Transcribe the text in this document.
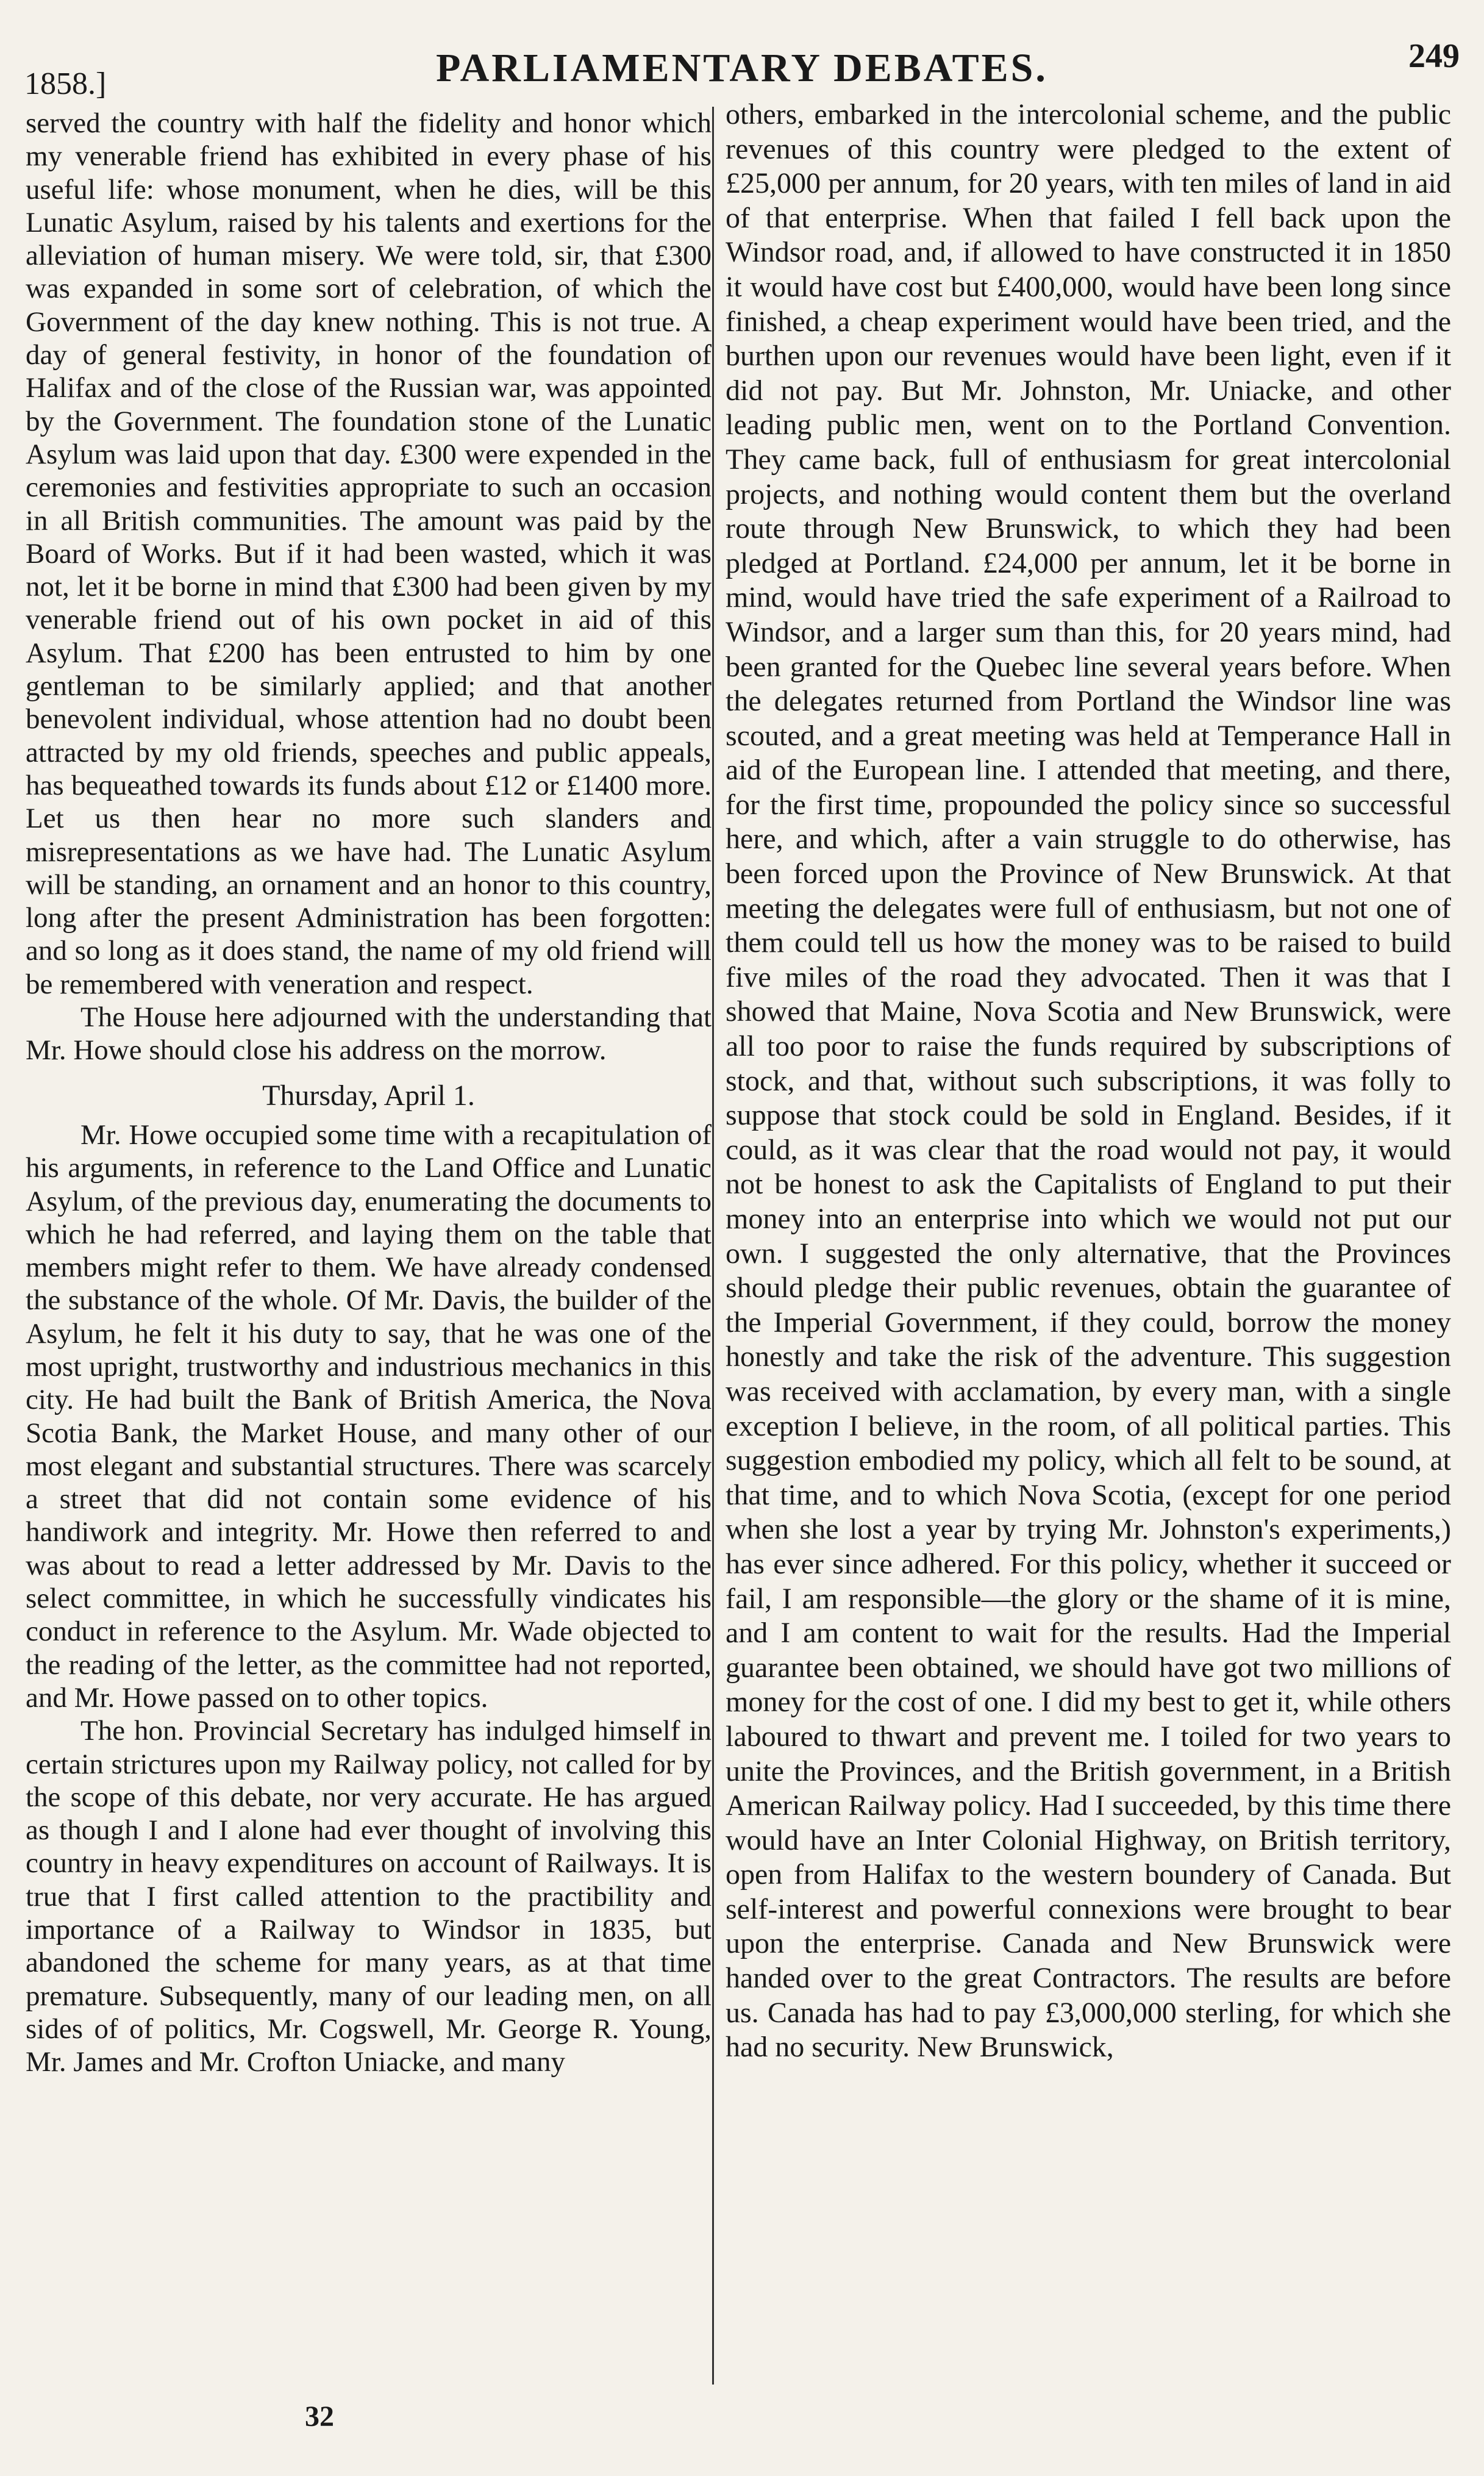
1858.]	PARLIAMENTARY DEBATES.	249

served the country with half the fidelity and honor which my venerable friend has exhibited in every phase of his useful life: whose monument, when he dies, will be this Lunatic Asylum, raised by his talents and exertions for the alleviation of human misery. We were told, sir, that £300 was expanded in some sort of celebration, of which the Government of the day knew nothing. This is not true. A day of general festivity, in honor of the foundation of Halifax and of the close of the Russian war, was appointed by the Government. The foundation stone of the Lunatic Asylum was laid upon that day. £300 were expended in the ceremonies and festivities appropriate to such an occasion in all British communities. The amount was paid by the Board of Works. But if it had been wasted, which it was not, let it be borne in mind that £300 had been given by my venerable friend out of his own pocket in aid of this Asylum. That £200 has been entrusted to him by one gentleman to be similarly applied; and that another benevolent individual, whose attention had no doubt been attracted by my old friends, speeches and public appeals, has bequeathed towards its funds about £12 or £1400 more. Let us then hear no more such slanders and misrepresentations as we have had. The Lunatic Asylum will be standing, an ornament and an honor to this country, long after the present Administration has been forgotten: and so long as it does stand, the name of my old friend will be remembered with veneration and respect.

The House here adjourned with the understanding that Mr. Howe should close his address on the morrow.

Thursday, April 1.

Mr. Howe occupied some time with a recapitulation of his arguments, in reference to the Land Office and Lunatic Asylum, of the previous day, enumerating the documents to which he had referred, and laying them on the table that members might refer to them. We have already condensed the substance of the whole. Of Mr. Davis, the builder of the Asylum, he felt it his duty to say, that he was one of the most upright, trustworthy and industrious mechanics in this city. He had built the Bank of British America, the Nova Scotia Bank, the Market House, and many other of our most elegant and substantial structures. There was scarcely a street that did not contain some evidence of his handiwork and integrity. Mr. Howe then referred to and was about to read a letter addressed by Mr. Davis to the select committee, in which he successfully vindicates his conduct in reference to the Asylum. Mr. Wade objected to the reading of the letter, as the committee had not reported, and Mr. Howe passed on to other topics.

The hon. Provincial Secretary has indulged himself in certain strictures upon my Railway policy, not called for by the scope of this debate, nor very accurate. He has argued as though I and I alone had ever thought of involving this country in heavy expenditures on account of Railways. It is true that I first called attention to the practibility and importance of a Railway to Windsor in 1835, but abandoned the scheme for many years, as at that time premature. Subsequently, many of our leading men, on all sides of of politics, Mr. Cogswell, Mr. George R. Young, Mr. James and Mr. Crofton Uniacke, and many

others, embarked in the intercolonial scheme, and the public revenues of this country were pledged to the extent of £25,000 per annum, for 20 years, with ten miles of land in aid of that enterprise. When that failed I fell back upon the Windsor road, and, if allowed to have constructed it in 1850 it would have cost but £400,000, would have been long since finished, a cheap experiment would have been tried, and the burthen upon our revenues would have been light, even if it did not pay. But Mr. Johnston, Mr. Uniacke, and other leading public men, went on to the Portland Convention. They came back, full of enthusiasm for great intercolonial projects, and nothing would content them but the overland route through New Brunswick, to which they had been pledged at Portland. £24,000 per annum, let it be borne in mind, would have tried the safe experiment of a Railroad to Windsor, and a larger sum than this, for 20 years mind, had been granted for the Quebec line several years before. When the delegates returned from Portland the Windsor line was scouted, and a great meeting was held at Temperance Hall in aid of the European line. I attended that meeting, and there, for the first time, propounded the policy since so successful here, and which, after a vain struggle to do otherwise, has been forced upon the Province of New Brunswick. At that meeting the delegates were full of enthusiasm, but not one of them could tell us how the money was to be raised to build five miles of the road they advocated. Then it was that I showed that Maine, Nova Scotia and New Brunswick, were all too poor to raise the funds required by subscriptions of stock, and that, without such subscriptions, it was folly to suppose that stock could be sold in England. Besides, if it could, as it was clear that the road would not pay, it would not be honest to ask the Capitalists of England to put their money into an enterprise into which we would not put our own. I suggested the only alternative, that the Provinces should pledge their public revenues, obtain the guarantee of the Imperial Government, if they could, borrow the money honestly and take the risk of the adventure. This suggestion was received with acclamation, by every man, with a single exception I believe, in the room, of all political parties. This suggestion embodied my policy, which all felt to be sound, at that time, and to which Nova Scotia, (except for one period when she lost a year by trying Mr. Johnston's experiments,) has ever since adhered. For this policy, whether it succeed or fail, I am responsible—the glory or the shame of it is mine, and I am content to wait for the results. Had the Imperial guarantee been obtained, we should have got two millions of money for the cost of one. I did my best to get it, while others laboured to thwart and prevent me. I toiled for two years to unite the Provinces, and the British government, in a British American Railway policy. Had I succeeded, by this time there would have an Inter Colonial Highway, on British territory, open from Halifax to the western boundery of Canada. But self-interest and powerful connexions were brought to bear upon the enterprise. Canada and New Brunswick were handed over to the great Contractors. The results are before us. Canada has had to pay £3,000,000 sterling, for which she had no security. New Brunswick,

32
